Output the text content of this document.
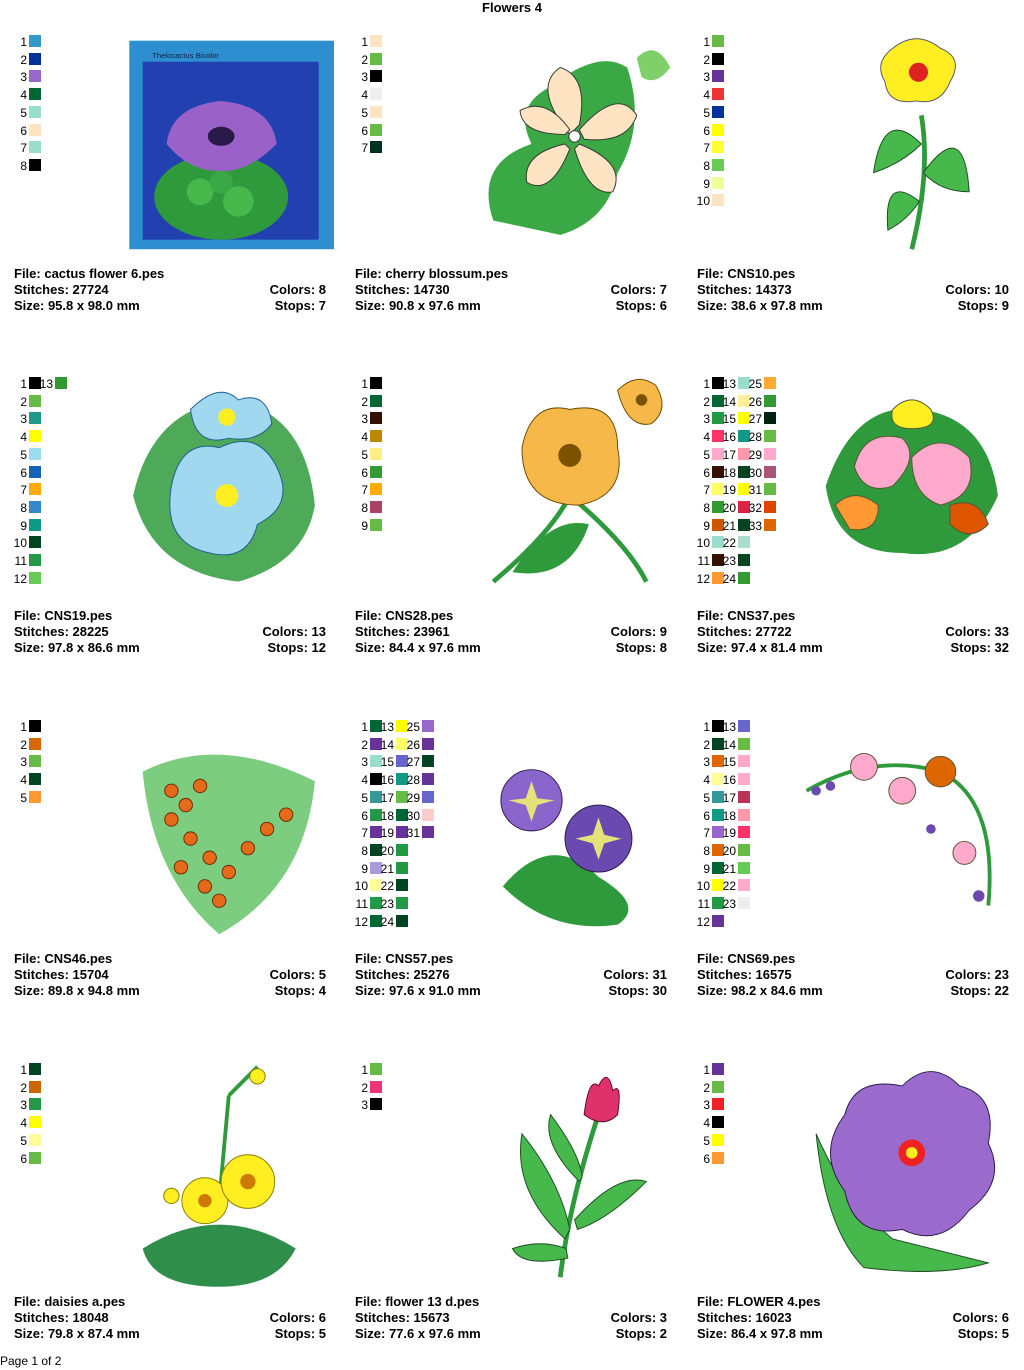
Flowers 4
1
2
3
4
5
6
7
8
Thelocactus Bicolor
File: cactus flower 6.pes
Stitches: 27724	Colors: 8
Size: 95.8 x 98.0 mm	Stops: 7
1
2
3
4
5
6
7
File: cherry blossum.pes
Stitches: 14730	Colors: 7
Size: 90.8 x 97.6 mm	Stops: 6
1
2
3
4
5
6
7
8
9
10
File: CNS10.pes
Stitches: 14373	Colors: 10
Size: 38.6 x 97.8 mm	Stops: 9
1
2
3
4
5
6
7
8
9
10
11
12
13
File: CNS19.pes
Stitches: 28225	Colors: 13
Size: 97.8 x 86.6 mm	Stops: 12
1
2
3
4
5
6
7
8
9
File: CNS28.pes
Stitches: 23961	Colors: 9
Size: 84.4 x 97.6 mm	Stops: 8
1
2
3
4
5
6
7
8
9
10
11
12
13
14
15
16
17
18
19
20
21
22
23
24
25
26
27
28
29
30
31
32
33
File: CNS37.pes
Stitches: 27722	Colors: 33
Size: 97.4 x 81.4 mm	Stops: 32
1
2
3
4
5
File: CNS46.pes
Stitches: 15704	Colors: 5
Size: 89.8 x 94.8 mm	Stops: 4
1
2
3
4
5
6
7
8
9
10
11
12
13
14
15
16
17
18
19
20
21
22
23
24
25
26
27
28
29
30
31
File: CNS57.pes
Stitches: 25276	Colors: 31
Size: 97.6 x 91.0 mm	Stops: 30
1
2
3
4
5
6
7
8
9
10
11
12
13
14
15
16
17
18
19
20
21
22
23
File: CNS69.pes
Stitches: 16575	Colors: 23
Size: 98.2 x 84.6 mm	Stops: 22
1
2
3
4
5
6
File: daisies a.pes
Stitches: 18048	Colors: 6
Size: 79.8 x 87.4 mm	Stops: 5
1
2
3
File: flower 13 d.pes
Stitches: 15673	Colors: 3
Size: 77.6 x 97.6 mm	Stops: 2
1
2
3
4
5
6
File: FLOWER 4.pes
Stitches: 16023	Colors: 6
Size: 86.4 x 97.8 mm	Stops: 5
Page 1 of 2
